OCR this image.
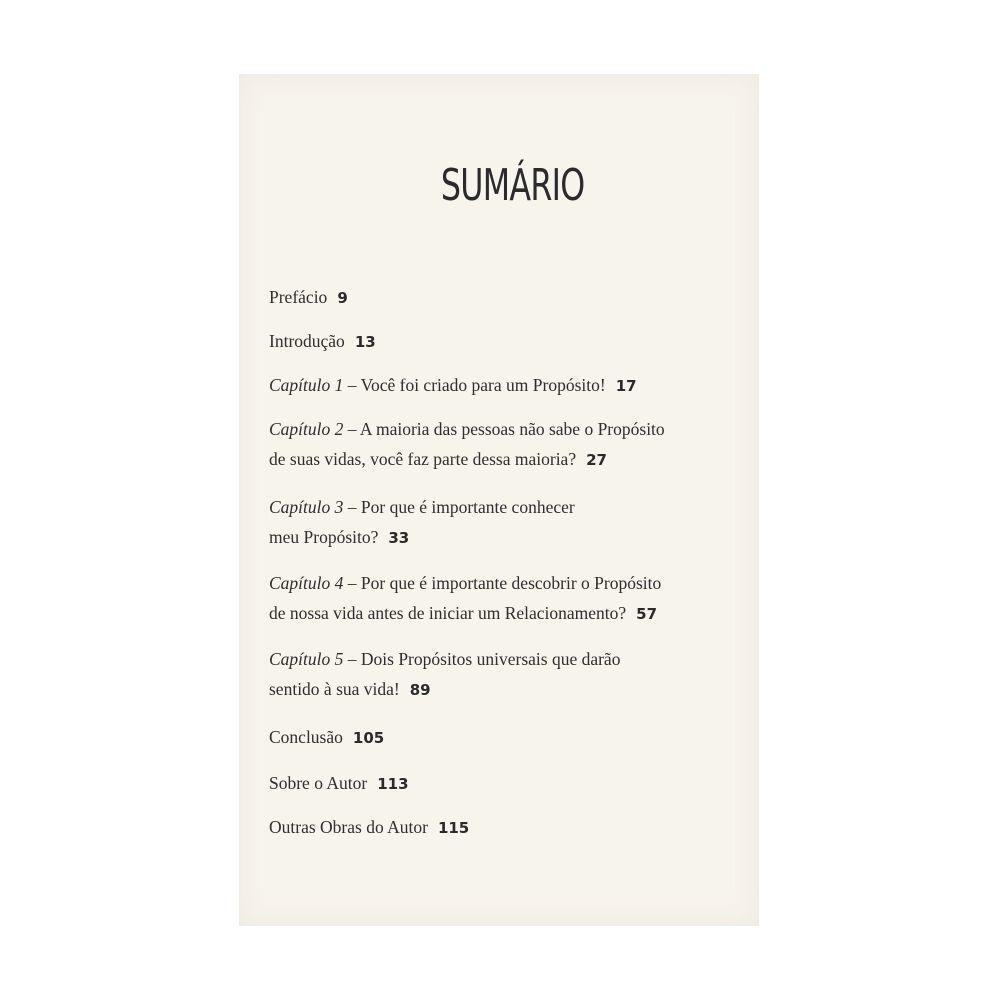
SUMÁRIO
Prefácio 9
Introdução 13
Capítulo 1 – Você foi criado para um Propósito! 17
Capítulo 2 – A maioria das pessoas não sabe o Propósito
de suas vidas, você faz parte dessa maioria? 27
Capítulo 3 – Por que é importante conhecer
meu Propósito? 33
Capítulo 4 – Por que é importante descobrir o Propósito
de nossa vida antes de iniciar um Relacionamento? 57
Capítulo 5 – Dois Propósitos universais que darão
sentido à sua vida! 89
Conclusão 105
Sobre o Autor 113
Outras Obras do Autor 115
